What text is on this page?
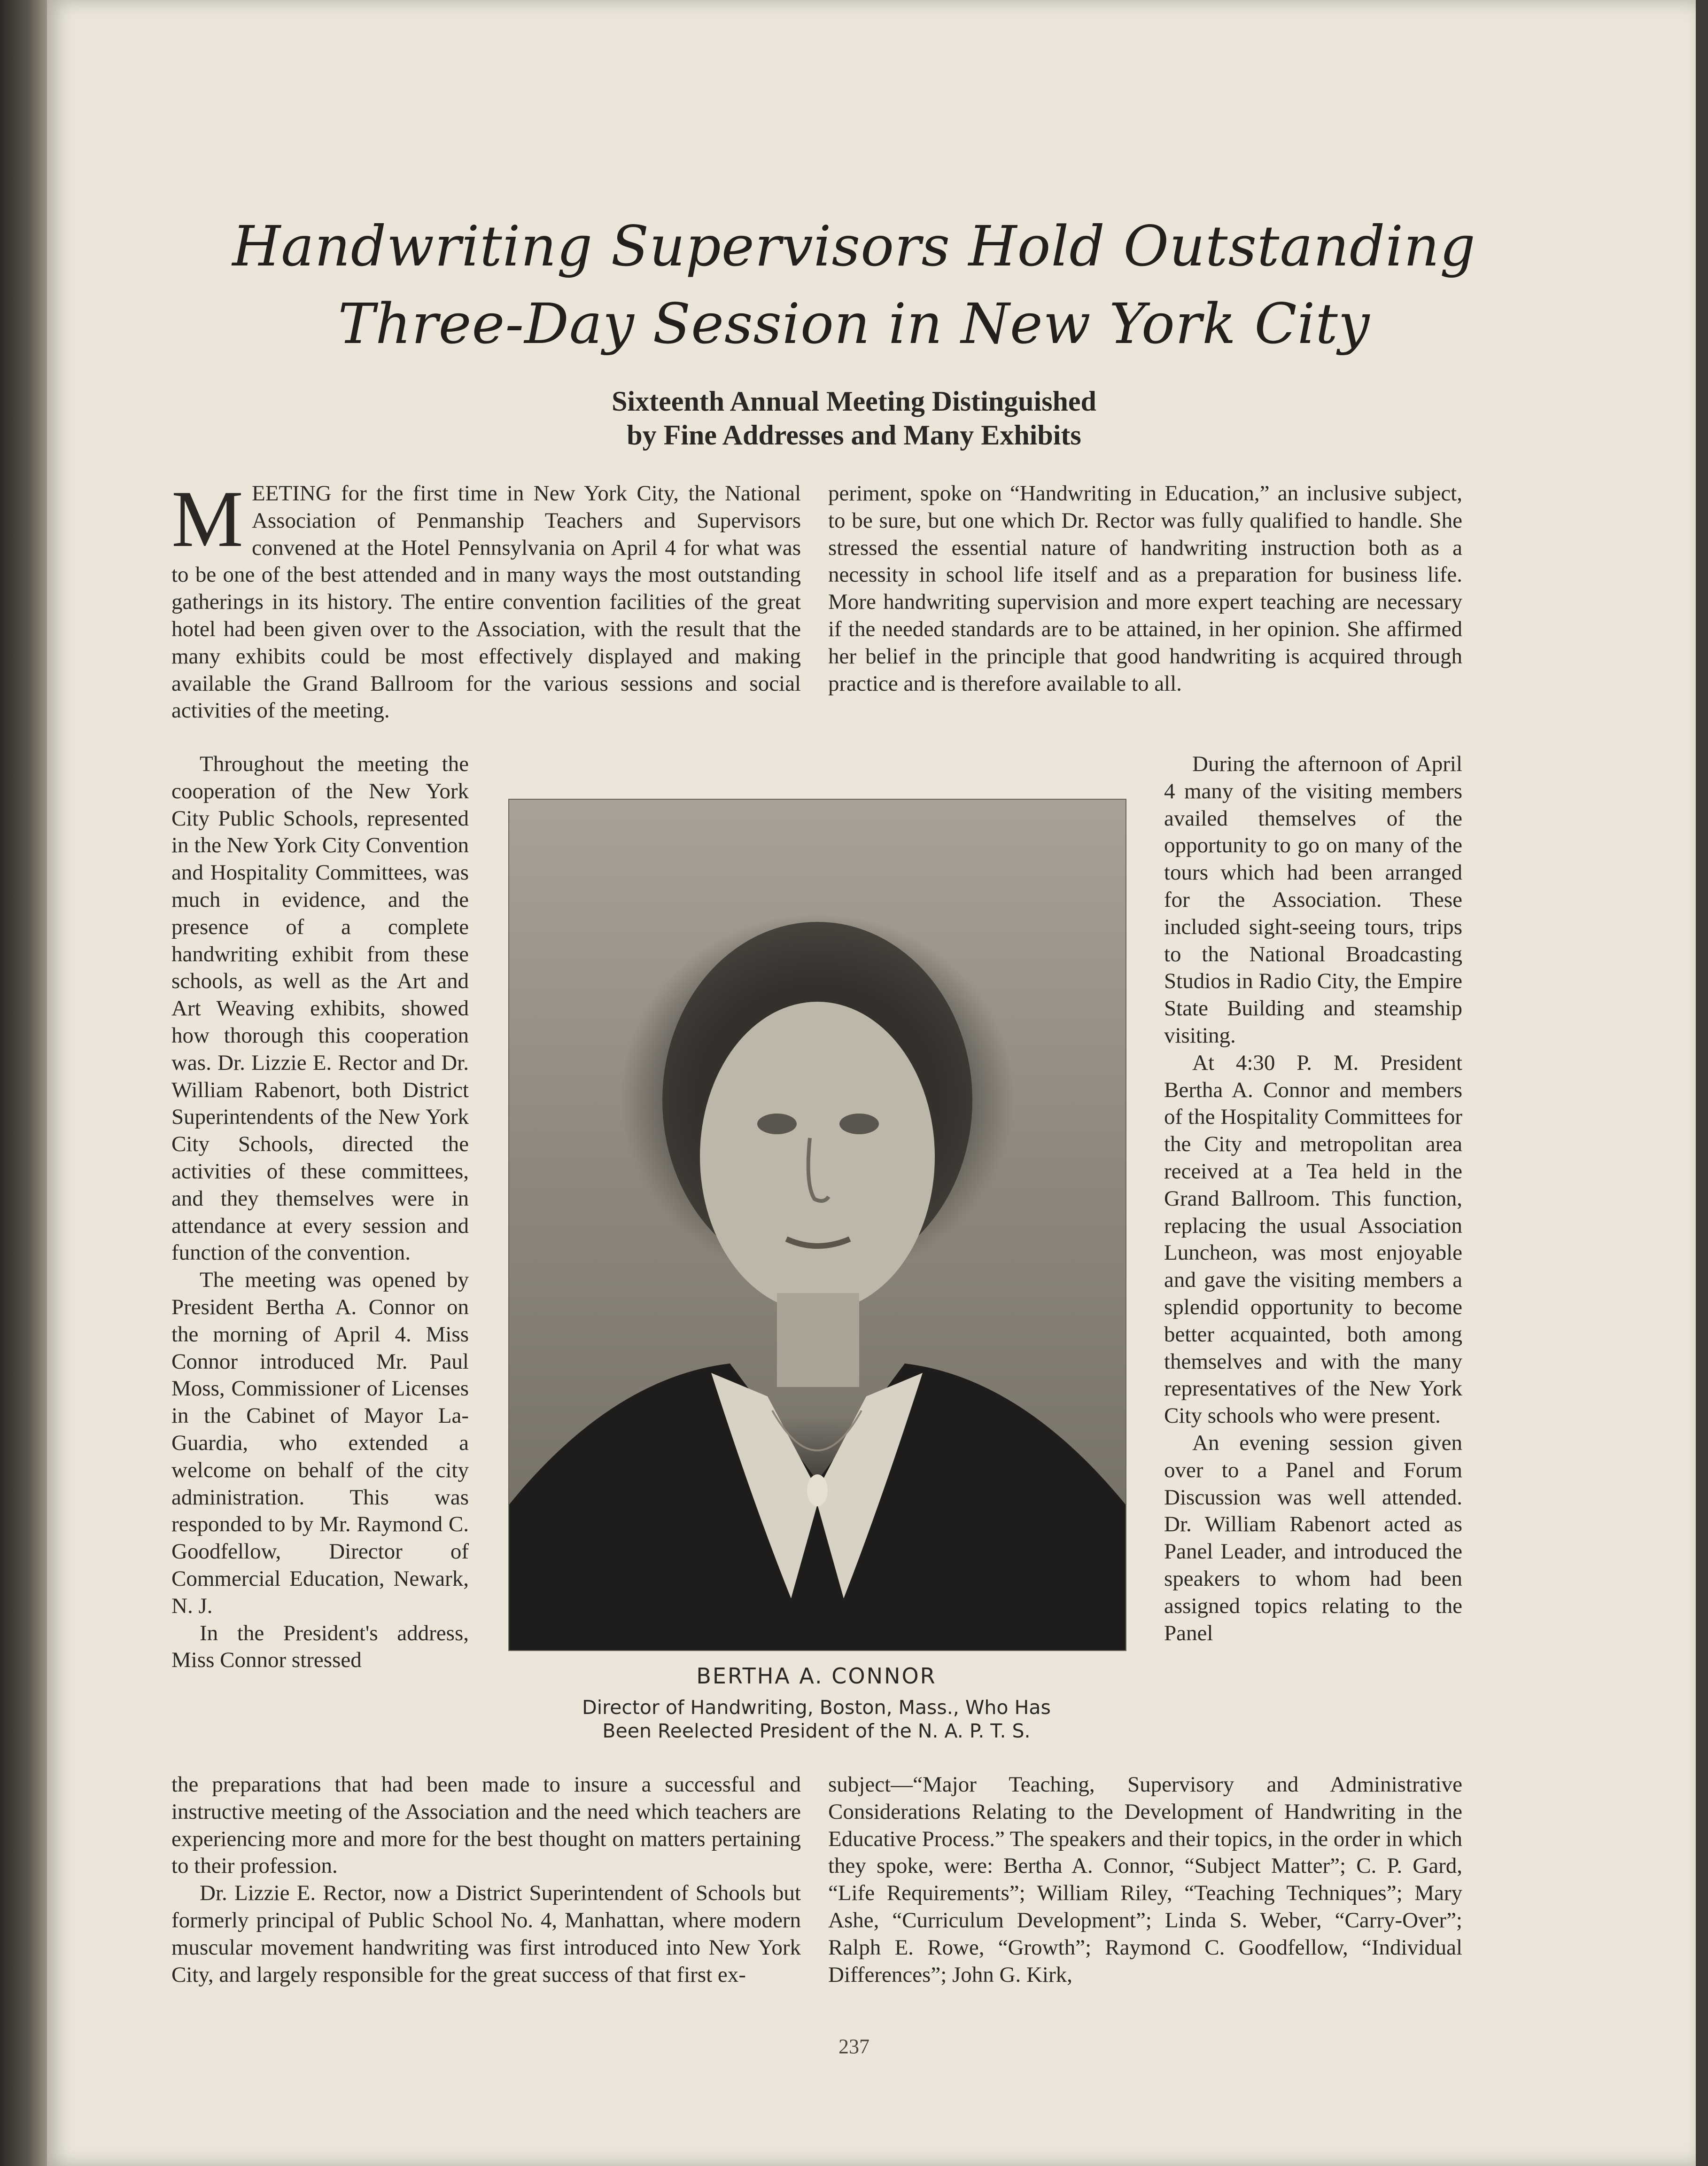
Handwriting Supervisors Hold Outstanding
Three-Day Session in New York City
Sixteenth Annual Meeting Distinguished
by Fine Addresses and Many Exhibits

MEETING for the first time in New York City, the National Association of Penmanship Teachers and Supervisors convened at the Hotel Pennsylvania on April 4 for what was to be one of the best attended and in many ways the most outstanding gatherings in its history. The entire convention facilities of the great hotel had been given over to the Association, with the result that the many exhibits could be most effectively displayed and making available the Grand Ballroom for the various sessions and social activities of the meeting.

Throughout the meeting the cooperation of the New York City Public Schools, represented in the New York City Convention and Hospitality Committees, was much in evidence, and the presence of a complete handwriting exhibit from these schools, as well as the Art and Art Weaving exhibits, showed how thorough this cooperation was. Dr. Lizzie E. Rector and Dr. William Rabenort, both District Superintendents of the New York City Schools, directed the activities of these committees, and they themselves were in attendance at every session and function of the convention.

The meeting was opened by President Bertha A. Connor on the morning of April 4. Miss Connor introduced Mr. Paul Moss, Commissioner of Licenses in the Cabinet of Mayor La-Guardia, who extended a welcome on behalf of the city administration. This was responded to by Mr. Raymond C. Goodfellow, Director of Commercial Education, Newark, N. J.

In the President's address, Miss Connor stressed

the preparations that had been made to insure a successful and instructive meeting of the Association and the need which teachers are experiencing more and more for the best thought on matters pertaining to their profession.

Dr. Lizzie E. Rector, now a District Superintendent of Schools but formerly principal of Public School No. 4, Manhattan, where modern muscular movement handwriting was first introduced into New York City, and largely responsible for the great success of that first ex-

periment, spoke on “Handwriting in Education,” an inclusive subject, to be sure, but one which Dr. Rector was fully qualified to handle. She stressed the essential nature of handwriting instruction both as a necessity in school life itself and as a preparation for business life. More handwriting supervision and more expert teaching are necessary if the needed standards are to be attained, in her opinion. She affirmed her belief in the principle that good handwriting is acquired through practice and is therefore available to all.

During the afternoon of April 4 many of the visiting members availed themselves of the opportunity to go on many of the tours which had been arranged for the Association. These included sight-seeing tours, trips to the National Broadcasting Studios in Radio City, the Empire State Building and steamship visiting.

At 4:30 P. M. President Bertha A. Connor and members of the Hospitality Committees for the City and metropolitan area received at a Tea held in the Grand Ballroom. This function, replacing the usual Association Luncheon, was most enjoyable and gave the visiting members a splendid opportunity to become better acquainted, both among themselves and with the many representatives of the New York City schools who were present.

An evening session given over to a Panel and Forum Discussion was well attended. Dr. William Rabenort acted as Panel Leader, and introduced the speakers to whom had been assigned topics relating to the Panel

subject—“Major Teaching, Supervisory and Administrative Considerations Relating to the Development of Handwriting in the Educative Process.” The speakers and their topics, in the order in which they spoke, were: Bertha A. Connor, “Subject Matter”; C. P. Gard, “Life Requirements”; William Riley, “Teaching Techniques”; Mary Ashe, “Curriculum Development”; Linda S. Weber, “Carry-Over”; Ralph E. Rowe, “Growth”; Raymond C. Goodfellow, “Individual Differences”; John G. Kirk,

BERTHA A. CONNOR
Director of Handwriting, Boston, Mass., Who Has
Been Reelected President of the N. A. P. T. S.
237
